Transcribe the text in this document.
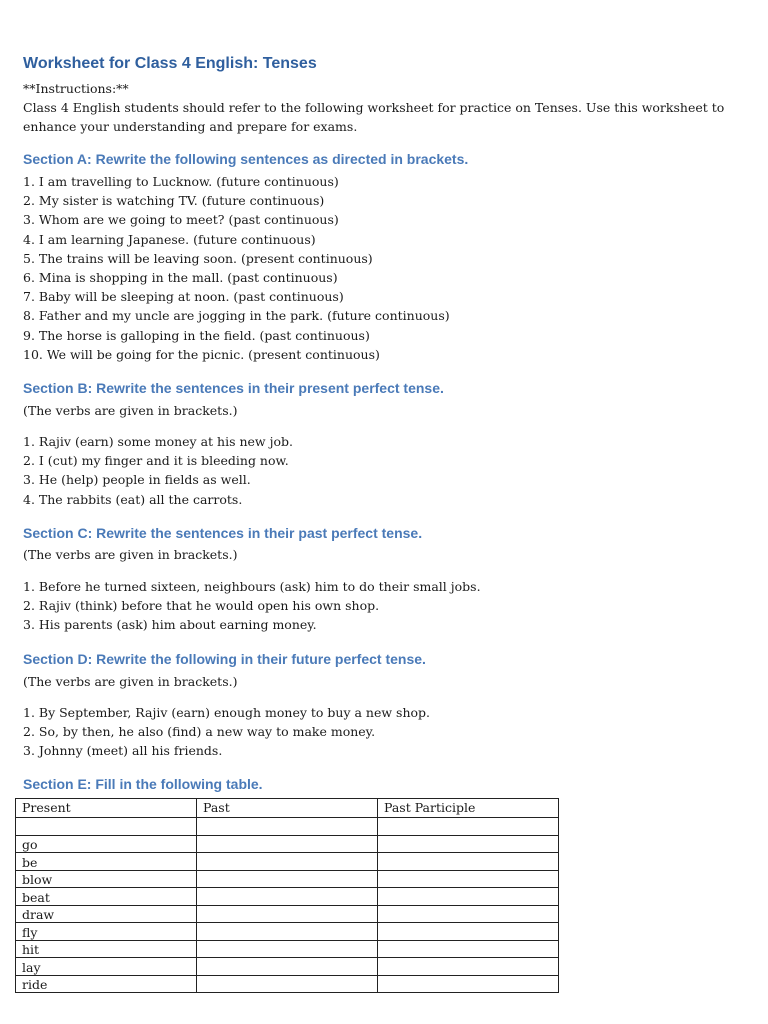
Worksheet for Class 4 English: Tenses
**Instructions:**
Class 4 English students should refer to the following worksheet for practice on Tenses. Use this worksheet to enhance your understanding and prepare for exams.
Section A: Rewrite the following sentences as directed in brackets.
1. I am travelling to Lucknow. (future continuous)
2. My sister is watching TV. (future continuous)
3. Whom are we going to meet? (past continuous)
4. I am learning Japanese. (future continuous)
5. The trains will be leaving soon. (present continuous)
6. Mina is shopping in the mall. (past continuous)
7. Baby will be sleeping at noon. (past continuous)
8. Father and my uncle are jogging in the park. (future continuous)
9. The horse is galloping in the field. (past continuous)
10. We will be going for the picnic. (present continuous)
Section B: Rewrite the sentences in their present perfect tense.
(The verbs are given in brackets.)
1. Rajiv (earn) some money at his new job.
2. I (cut) my finger and it is bleeding now.
3. He (help) people in fields as well.
4. The rabbits (eat) all the carrots.
Section C: Rewrite the sentences in their past perfect tense.
(The verbs are given in brackets.)
1. Before he turned sixteen, neighbours (ask) him to do their small jobs.
2. Rajiv (think) before that he would open his own shop.
3. His parents (ask) him about earning money.
Section D: Rewrite the following in their future perfect tense.
(The verbs are given in brackets.)
1. By September, Rajiv (earn) enough money to buy a new shop.
2. So, by then, he also (find) a new way to make money.
3. Johnny (meet) all his friends.
Section E: Fill in the following table.
Present	Past	Past Participle

go		
be		
blow		
beat		
draw		
fly		
hit		
lay		
ride		
